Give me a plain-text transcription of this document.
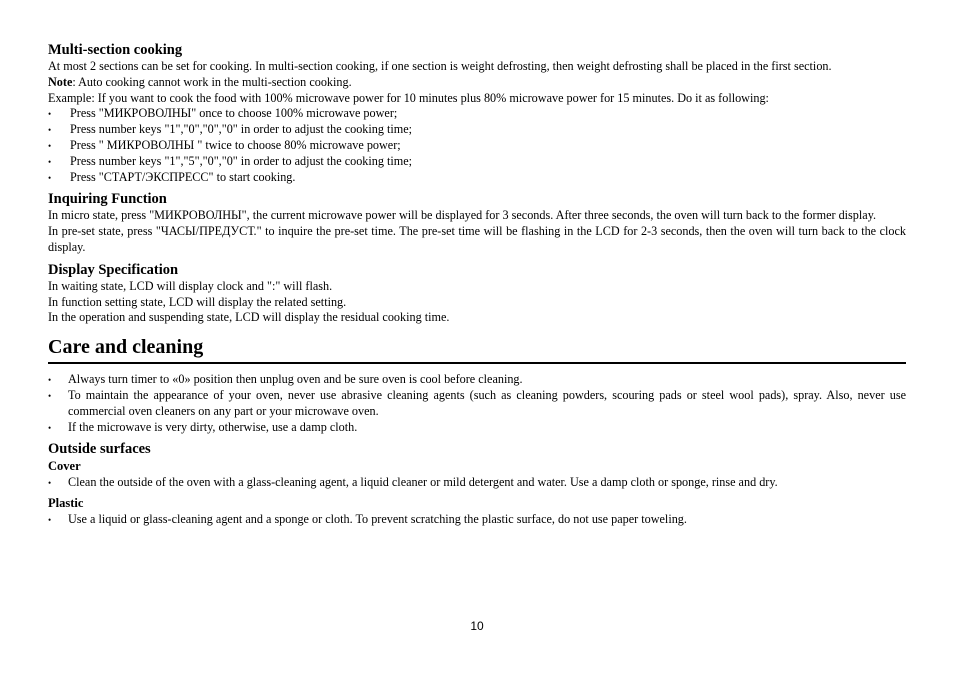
Multi-section cooking

At most 2 sections can be set for cooking. In multi-section cooking, if one section is weight defrosting, then weight defrosting shall be placed in the first section.

Note: Auto cooking cannot work in the multi-section cooking.

Example: If you want to cook the food with 100% microwave power for 10 minutes plus 80% microwave power for 15 minutes. Do it as following:

• Press "МИКРОВОЛНЫ" once to choose 100% microwave power;
• Press number keys "1","0","0","0" in order to adjust the cooking time;
• Press " МИКРОВОЛНЫ " twice to choose 80% microwave power;
• Press number keys "1","5","0","0" in order to adjust the cooking time;
• Press "СТАРТ/ЭКСПРЕСС" to start cooking.
Inquiring Function

In micro state, press "МИКРОВОЛНЫ", the current microwave power will be displayed for 3 seconds. After three seconds, the oven will turn back to the former display.

In pre-set state, press "ЧАСЫ/ПРЕДУСТ." to inquire the pre-set time. The pre-set time will be flashing in the LCD for 2-3 seconds, then the oven will turn back to the clock display.

Display Specification

In waiting state, LCD will display clock and ":" will flash.

In function setting state, LCD will display the related setting.

In the operation and suspending state, LCD will display the residual cooking time.

Care and cleaning
• Always turn timer to «0» position then unplug oven and be sure oven is cool before cleaning.
• To maintain the appearance of your oven, never use abrasive cleaning agents (such as cleaning powders, scouring pads or steel wool pads), spray. Also, never use commercial oven cleaners on any part or your microwave oven.
• If the microwave is very dirty, otherwise, use a damp cloth.
Outside surfaces
Cover
• Clean the outside of the oven with a glass-cleaning agent, a liquid cleaner or mild detergent and water. Use a damp cloth or sponge, rinse and dry.
Plastic
• Use a liquid or glass-cleaning agent and a sponge or cloth. To prevent scratching the plastic surface, do not use paper toweling.
10
